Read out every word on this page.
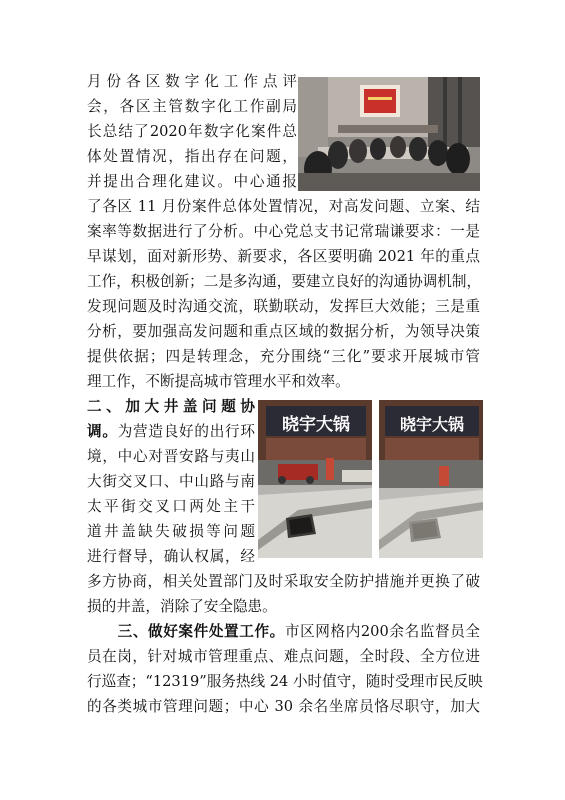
月份各区数字化工作点评
会，各区主管数字化工作副局
长总结了2020年数字化案件总
体处置情况，指出存在问题，
并提出合理化建议。中心通报
了各区 11 月份案件总体处置情况，对高发问题、立案、结
案率等数据进行了分析。中心党总支书记常瑞谦要求：一是
早谋划，面对新形势、新要求，各区要明确 2021 年的重点
工作，积极创新；二是多沟通，要建立良好的沟通协调机制，
发现问题及时沟通交流，联勤联动，发挥巨大效能；三是重
分析，要加强高发问题和重点区域的数据分析，为领导决策
提供依据；四是转理念，充分围绕“三化”要求开展城市管
理工作，不断提高城市管理水平和效率。
晓宇大锅	晓宇大锅
二、加大井盖问题协
调。为营造良好的出行环
境，中心对晋安路与夷山
大街交叉口、中山路与南
太平街交叉口两处主干
道井盖缺失破损等问题
进行督导，确认权属，经
多方协商，相关处置部门及时采取安全防护措施并更换了破
损的井盖，消除了安全隐患。
三、做好案件处置工作。市区网格内200余名监督员全
员在岗，针对城市管理重点、难点问题，全时段、全方位进
行巡查；“12319”服务热线 24 小时值守，随时受理市民反映
的各类城市管理问题；中心 30 余名坐席员恪尽职守，加大
